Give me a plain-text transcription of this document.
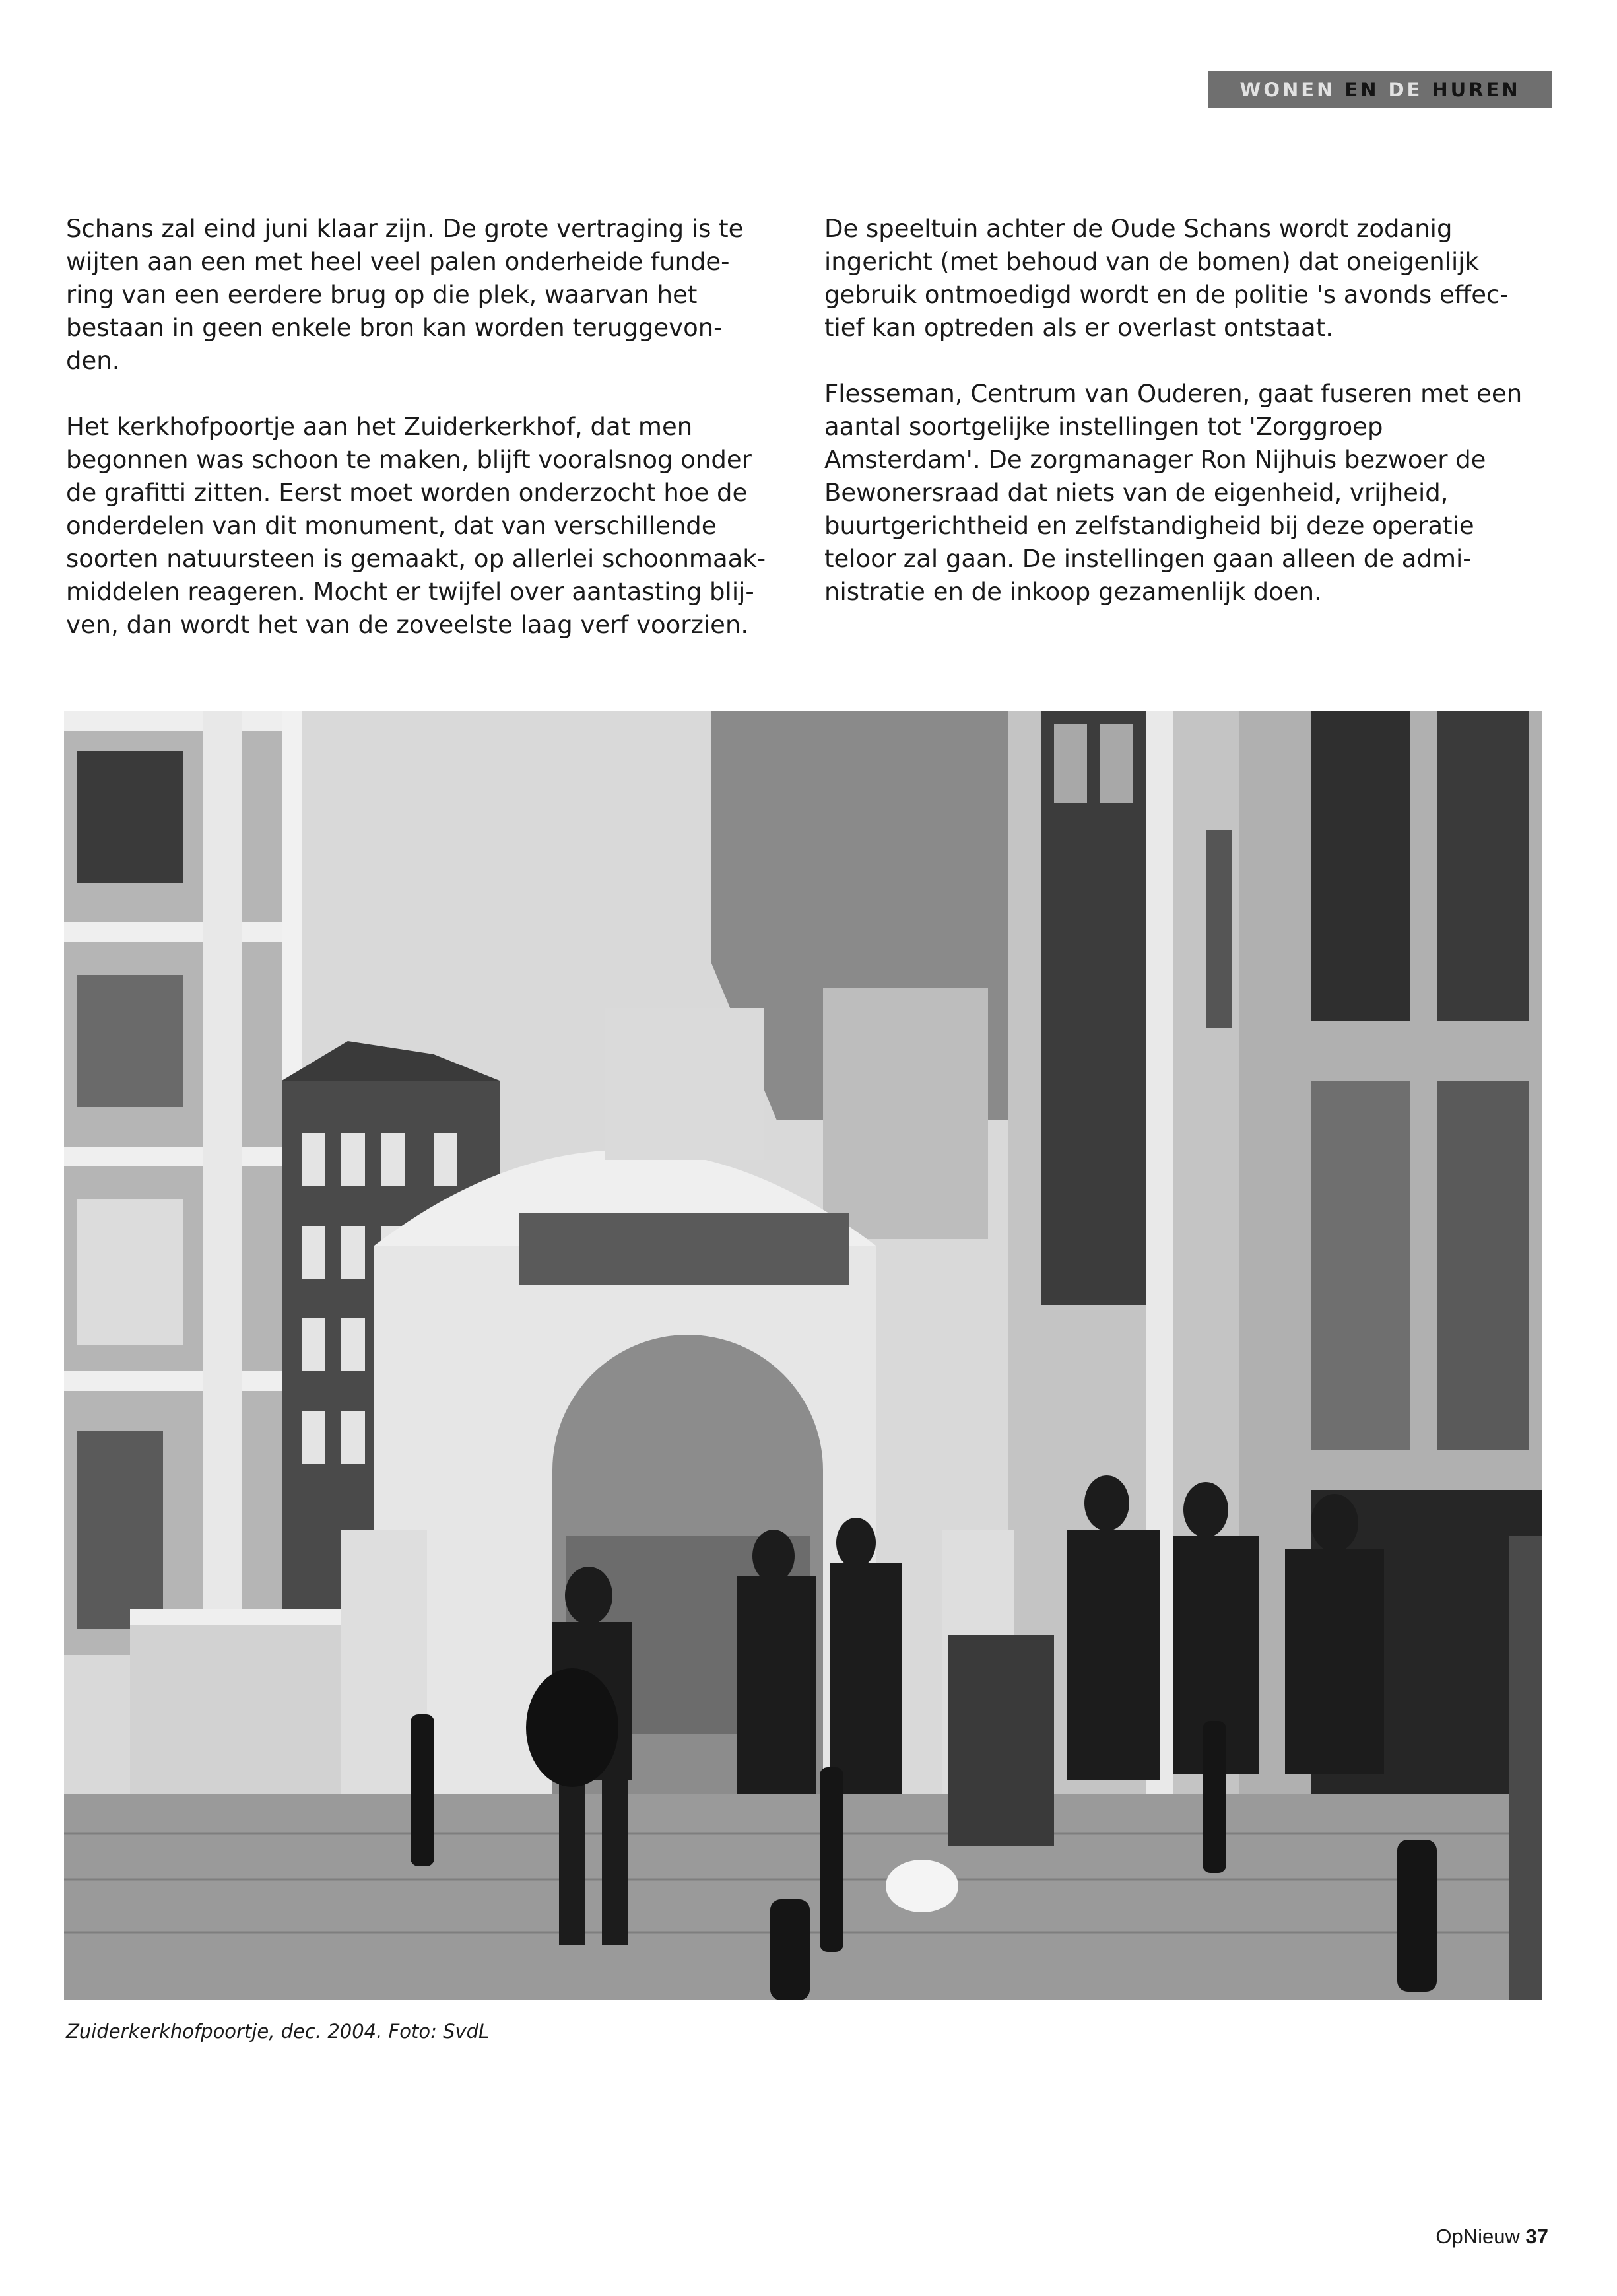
WONEN EN DE HUREN

Schans zal eind juni klaar zijn. De grote vertraging is te
wijten aan een met heel veel palen onderheide funde-
ring van een eerdere brug op die plek, waarvan het
bestaan in geen enkele bron kan worden teruggevon-
den.

Het kerkhofpoortje aan het Zuiderkerkhof, dat men
begonnen was schoon te maken, blijft vooralsnog onder
de grafitti zitten. Eerst moet worden onderzocht hoe de
onderdelen van dit monument, dat van verschillende
soorten natuursteen is gemaakt, op allerlei schoonmaak-
middelen reageren. Mocht er twijfel over aantasting blij-
ven, dan wordt het van de zoveelste laag verf voorzien.

De speeltuin achter de Oude Schans wordt zodanig
ingericht (met behoud van de bomen) dat oneigenlijk
gebruik ontmoedigd wordt en de politie 's avonds effec-
tief kan optreden als er overlast ontstaat.

Flesseman, Centrum van Ouderen, gaat fuseren met een
aantal soortgelijke instellingen tot 'Zorggroep
Amsterdam'. De zorgmanager Ron Nijhuis bezwoer de
Bewonersraad dat niets van de eigenheid, vrijheid,
buurtgerichtheid en zelfstandigheid bij deze operatie
teloor zal gaan. De instellingen gaan alleen de admi-
nistratie en de inkoop gezamenlijk doen.

Zuiderkerkhofpoortje, dec. 2004. Foto: SvdL
OpNieuw 37
